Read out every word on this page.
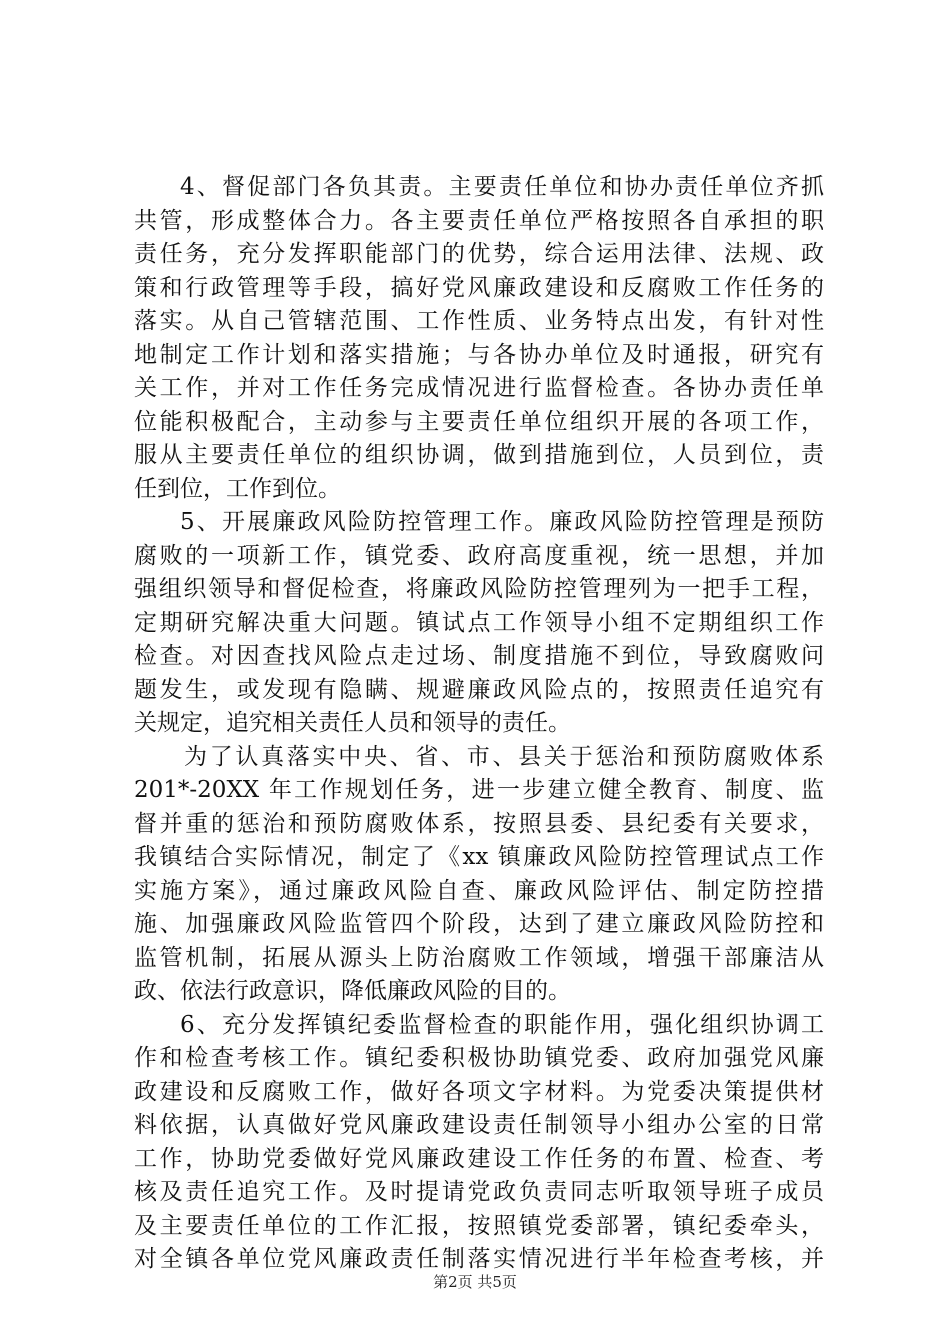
4、督促部门各负其责。主要责任单位和协办责任单位齐抓
共管，形成整体合力。各主要责任单位严格按照各自承担的职
责任务，充分发挥职能部门的优势，综合运用法律、法规、政
策和行政管理等手段，搞好党风廉政建设和反腐败工作任务的
落实。从自己管辖范围、工作性质、业务特点出发，有针对性
地制定工作计划和落实措施；与各协办单位及时通报，研究有
关工作，并对工作任务完成情况进行监督检查。各协办责任单
位能积极配合，主动参与主要责任单位组织开展的各项工作，
服从主要责任单位的组织协调，做到措施到位，人员到位，责
任到位，工作到位。
5、开展廉政风险防控管理工作。廉政风险防控管理是预防
腐败的一项新工作，镇党委、政府高度重视，统一思想，并加
强组织领导和督促检查，将廉政风险防控管理列为一把手工程，
定期研究解决重大问题。镇试点工作领导小组不定期组织工作
检查。对因查找风险点走过场、制度措施不到位，导致腐败问
题发生，或发现有隐瞒、规避廉政风险点的，按照责任追究有
关规定，追究相关责任人员和领导的责任。
为了认真落实中央、省、市、县关于惩治和预防腐败体系
201*-20XX 年工作规划任务，进一步建立健全教育、制度、监
督并重的惩治和预防腐败体系，按照县委、县纪委有关要求，
我镇结合实际情况，制定了《xx 镇廉政风险防控管理试点工作
实施方案》，通过廉政风险自查、廉政风险评估、制定防控措
施、加强廉政风险监管四个阶段，达到了建立廉政风险防控和
监管机制，拓展从源头上防治腐败工作领域，增强干部廉洁从
政、依法行政意识，降低廉政风险的目的。
6、充分发挥镇纪委监督检查的职能作用，强化组织协调工
作和检查考核工作。镇纪委积极协助镇党委、政府加强党风廉
政建设和反腐败工作，做好各项文字材料。为党委决策提供材
料依据，认真做好党风廉政建设责任制领导小组办公室的日常
工作，协助党委做好党风廉政建设工作任务的布置、检查、考
核及责任追究工作。及时提请党政负责同志听取领导班子成员
及主要责任单位的工作汇报，按照镇党委部署，镇纪委牵头，
对全镇各单位党风廉政责任制落实情况进行半年检查考核，并
第2页 共5页
